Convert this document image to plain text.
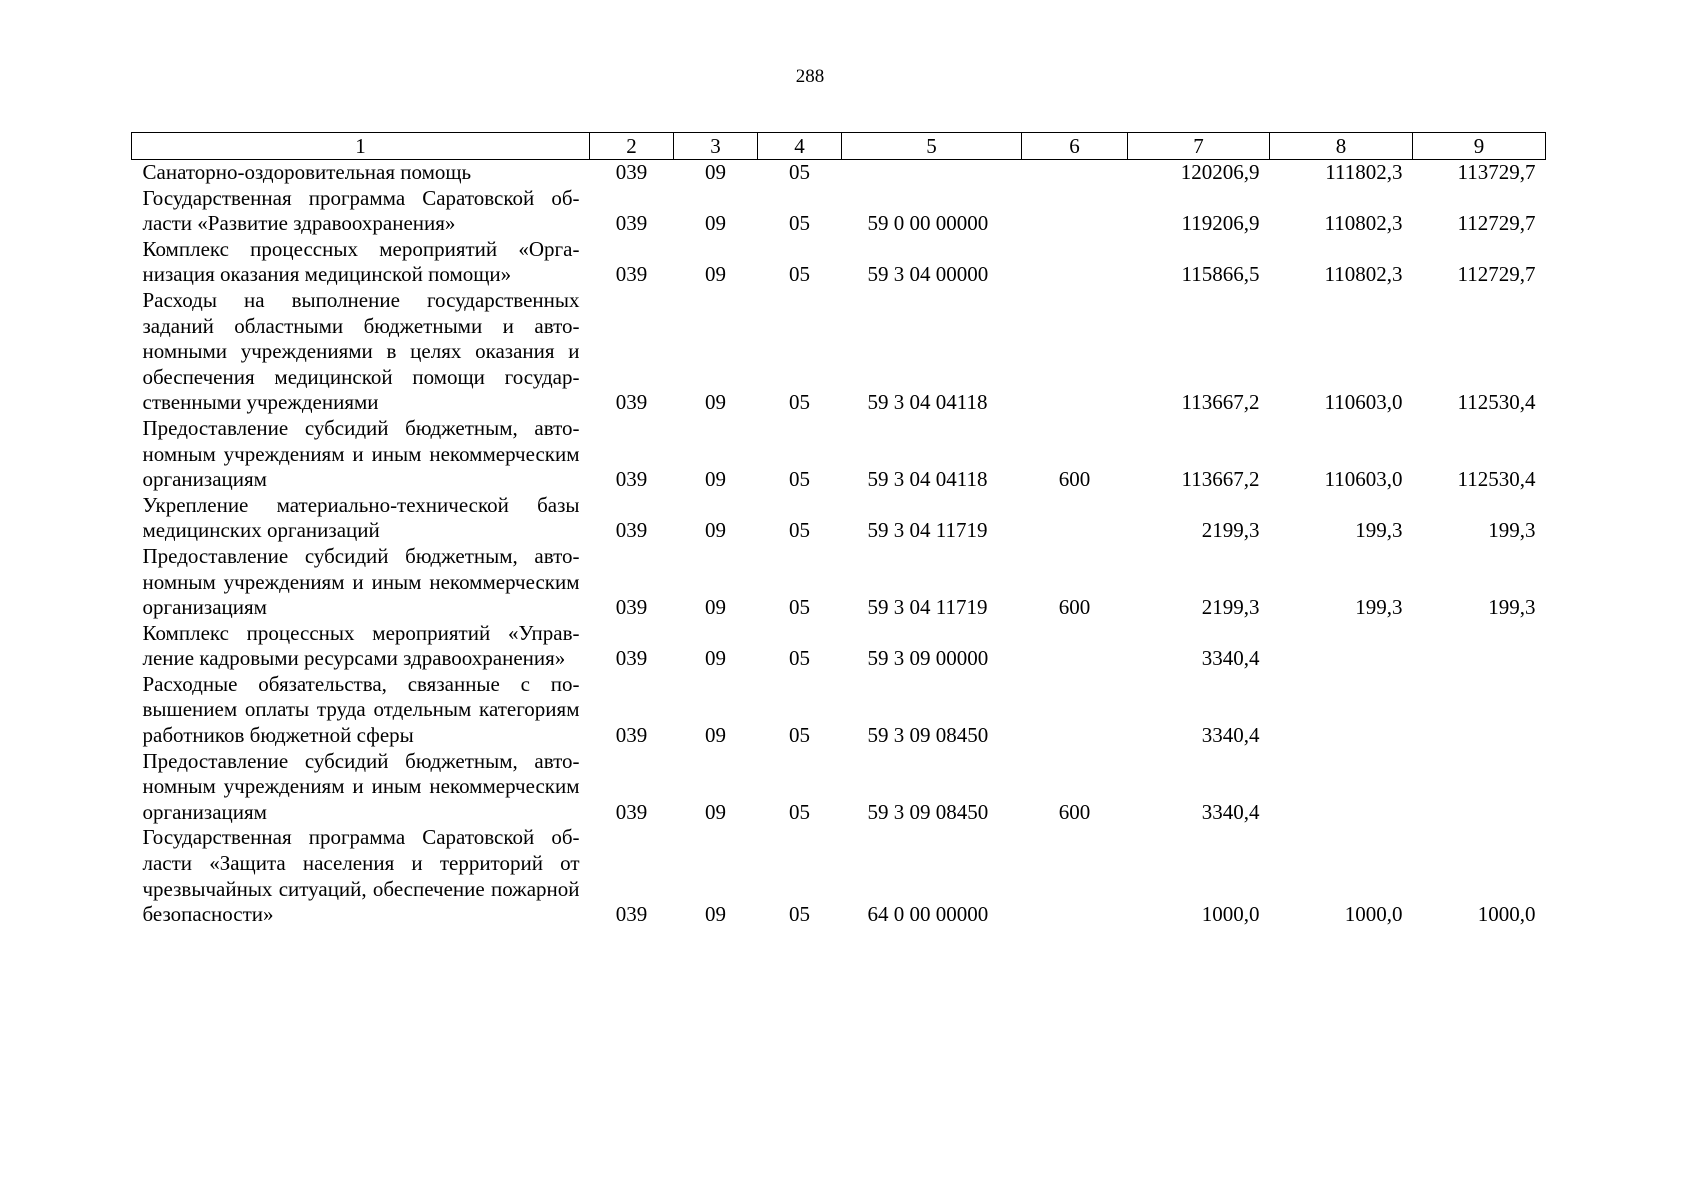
288
1	2	3	4	5	6	7	8	9
Санаторно-оздоровительная помощь	039	09	05			120206,9	111802,3	113729,7
Государственная программа Саратовской области «Развитие здравоохранения»	039	09	05	59 0 00 00000		119206,9	110802,3	112729,7
Комплекс процессных мероприятий «Организация оказания медицинской помощи»	039	09	05	59 3 04 00000		115866,5	110802,3	112729,7
Расходы на выполнение государственных заданий областными бюджетными и автономными учреждениями в целях оказания и обеспечения медицинской помощи государственными учреждениями	039	09	05	59 3 04 04118		113667,2	110603,0	112530,4
Предоставление субсидий бюджетным, автономным учреждениям и иным некоммерческим организациям	039	09	05	59 3 04 04118	600	113667,2	110603,0	112530,4
Укрепление материально-технической базы медицинских организаций	039	09	05	59 3 04 11719		2199,3	199,3	199,3
Предоставление субсидий бюджетным, автономным учреждениям и иным некоммерческим организациям	039	09	05	59 3 04 11719	600	2199,3	199,3	199,3
Комплекс процессных мероприятий «Управление кадровыми ресурсами здравоохранения»	039	09	05	59 3 09 00000		3340,4		
Расходные обязательства, связанные с повышением оплаты труда отдельным категориям работников бюджетной сферы	039	09	05	59 3 09 08450		3340,4		
Предоставление субсидий бюджетным, автономным учреждениям и иным некоммерческим организациям	039	09	05	59 3 09 08450	600	3340,4		
Государственная программа Саратовской области «Защита населения и территорий от чрезвычайных ситуаций, обеспечение пожарной безопасности»	039	09	05	64 0 00 00000		1000,0	1000,0	1000,0
